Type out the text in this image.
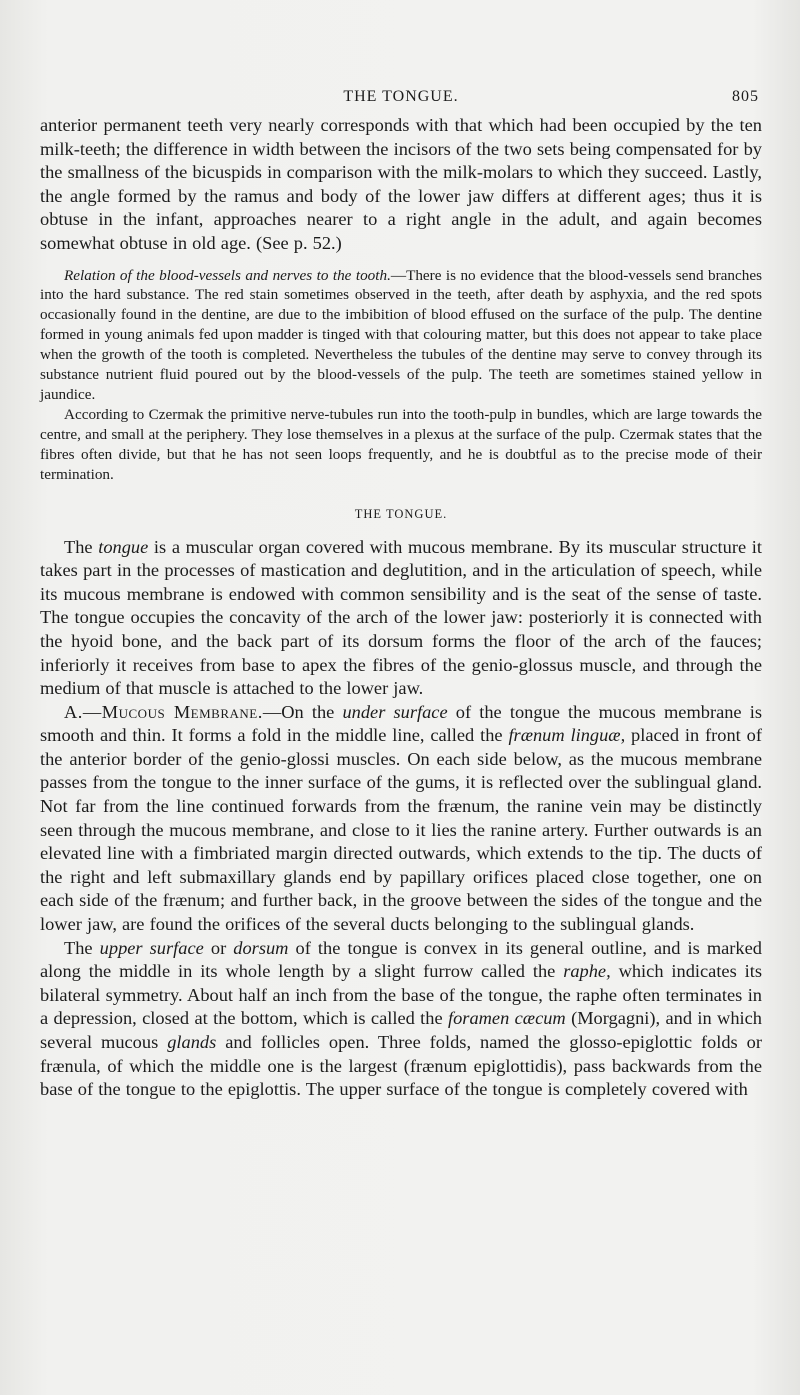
THE TONGUE.	805

anterior permanent teeth very nearly corresponds with that which had been occupied by the ten milk-teeth; the difference in width between the incisors of the two sets being compensated for by the smallness of the bicuspids in comparison with the milk-molars to which they succeed. Lastly, the angle formed by the ramus and body of the lower jaw differs at different ages; thus it is obtuse in the infant, approaches nearer to a right angle in the adult, and again becomes somewhat obtuse in old age. (See p. 52.)

Relation of the blood-vessels and nerves to the tooth.—There is no evidence that the blood-vessels send branches into the hard substance. The red stain sometimes observed in the teeth, after death by asphyxia, and the red spots occasionally found in the dentine, are due to the imbibition of blood effused on the surface of the pulp. The dentine formed in young animals fed upon madder is tinged with that colouring matter, but this does not appear to take place when the growth of the tooth is completed. Nevertheless the tubules of the dentine may serve to convey through its substance nutrient fluid poured out by the blood-vessels of the pulp. The teeth are sometimes stained yellow in jaundice.

According to Czermak the primitive nerve-tubules run into the tooth-pulp in bundles, which are large towards the centre, and small at the periphery. They lose themselves in a plexus at the surface of the pulp. Czermak states that the fibres often divide, but that he has not seen loops frequently, and he is doubtful as to the precise mode of their termination.

THE TONGUE.

The tongue is a muscular organ covered with mucous membrane. By its muscular structure it takes part in the processes of mastication and deglutition, and in the articulation of speech, while its mucous membrane is endowed with common sensibility and is the seat of the sense of taste. The tongue occupies the concavity of the arch of the lower jaw: posteriorly it is connected with the hyoid bone, and the back part of its dorsum forms the floor of the arch of the fauces; inferiorly it receives from base to apex the fibres of the genio-glossus muscle, and through the medium of that muscle is attached to the lower jaw.

A.—Mucous Membrane.—On the under surface of the tongue the mucous membrane is smooth and thin. It forms a fold in the middle line, called the frænum linguæ, placed in front of the anterior border of the genio-glossi muscles. On each side below, as the mucous membrane passes from the tongue to the inner surface of the gums, it is reflected over the sublingual gland. Not far from the line continued forwards from the frænum, the ranine vein may be distinctly seen through the mucous membrane, and close to it lies the ranine artery. Further outwards is an elevated line with a fimbriated margin directed outwards, which extends to the tip. The ducts of the right and left submaxillary glands end by papillary orifices placed close together, one on each side of the frænum; and further back, in the groove between the sides of the tongue and the lower jaw, are found the orifices of the several ducts belonging to the sublingual glands.

The upper surface or dorsum of the tongue is convex in its general outline, and is marked along the middle in its whole length by a slight furrow called the raphe, which indicates its bilateral symmetry. About half an inch from the base of the tongue, the raphe often terminates in a depression, closed at the bottom, which is called the foramen cæcum (Morgagni), and in which several mucous glands and follicles open. Three folds, named the glosso-epiglottic folds or frænula, of which the middle one is the largest (frænum epiglottidis), pass backwards from the base of the tongue to the epiglottis. The upper surface of the tongue is completely covered with
